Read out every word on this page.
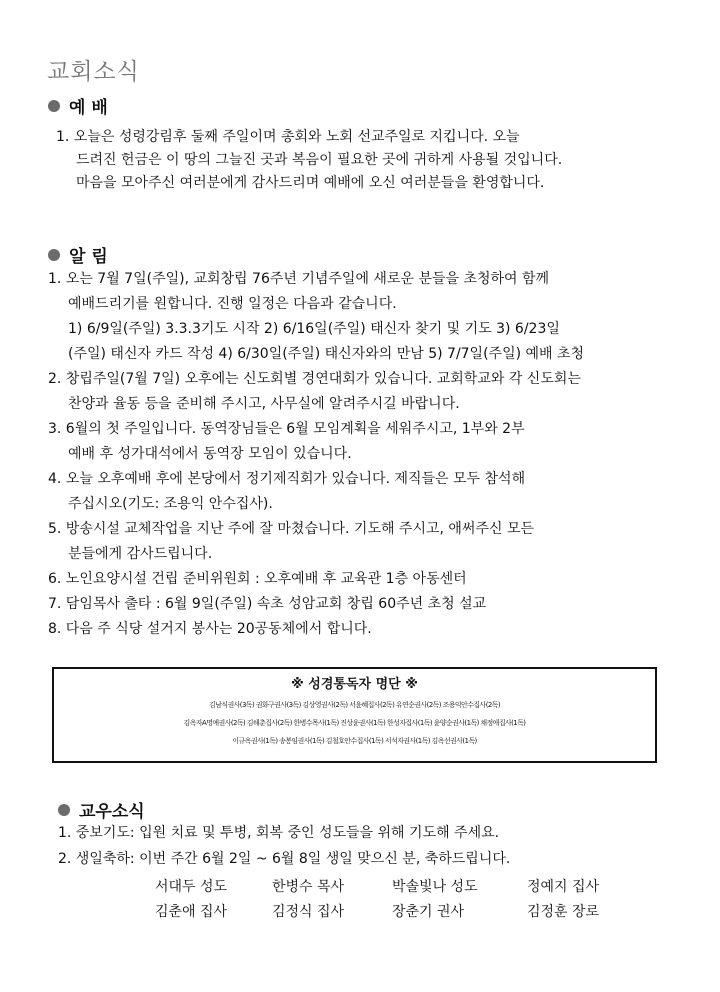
교회소식
예 배
1. 오늘은 성령강림후 둘째 주일이며 총회와 노회 선교주일로 지킵니다. 오늘
드려진 헌금은 이 땅의 그늘진 곳과 복음이 필요한 곳에 귀하게 사용될 것입니다.
마음을 모아주신 여러분에게 감사드리며 예배에 오신 여러분들을 환영합니다.
알 림
1. 오는 7월 7일(주일), 교회창립 76주년 기념주일에 새로운 분들을 초청하여 함께
예배드리기를 원합니다. 진행 일정은 다음과 같습니다.
1) 6/9일(주일) 3.3.3기도 시작 2) 6/16일(주일) 태신자 찾기 및 기도 3) 6/23일
(주일) 태신자 카드 작성 4) 6/30일(주일) 태신자와의 만남 5) 7/7일(주일) 예배 초청
2. 창립주일(7월 7일) 오후에는 신도회별 경연대회가 있습니다. 교회학교와 각 신도회는
찬양과 율동 등을 준비해 주시고, 사무실에 알려주시길 바랍니다.
3. 6월의 첫 주일입니다. 동역장님들은 6월 모임계획을 세워주시고, 1부와 2부
예배 후 성가대석에서 동역장 모임이 있습니다.
4. 오늘 오후예배 후에 본당에서 정기제직회가 있습니다. 제직들은 모두 참석해
주십시오(기도: 조용익 안수집사).
5. 방송시설 교체작업을 지난 주에 잘 마쳤습니다. 기도해 주시고, 애써주신 모든
분들에게 감사드립니다.
6. 노인요양시설 건립 준비위원회 : 오후예배 후 교육관 1층 아동센터
7. 담임목사 출타 : 6월 9일(주일) 속초 성암교회 창립 60주년 초청 설교
8. 다음 주 식당 설거지 봉사는 20공동체에서 합니다.
※ 성경통독자 명단 ※
김남식권사(3독) 권화구권사(3독) 김상영권사(2독) 서윤혜집사(2독) 유연순권사(2독) 조용익안수집사(2독)
김옥자A명예권사(2독) 김해춘집사(2독) 한병수목사(1독) 진상윤권사(1독) 한성자집사(1독) 윤양순권사(1독) 채정애집사(1독)
이규옥권사(1독) 송봉임권사(1독) 김철호안수집사(1독) 서석자권사(1독) 김옥선권사(1독)
교우소식
1. 중보기도: 입원 치료 및 투병, 회복 중인 성도들을 위해 기도해 주세요.
2. 생일축하: 이번 주간 6월 2일 ~ 6월 8일 생일 맞으신 분, 축하드립니다.
서대두 성도	한병수 목사	박솔빛나 성도	정예지 집사
김춘애 집사	김정식 집사	장춘기 권사	김정훈 장로
